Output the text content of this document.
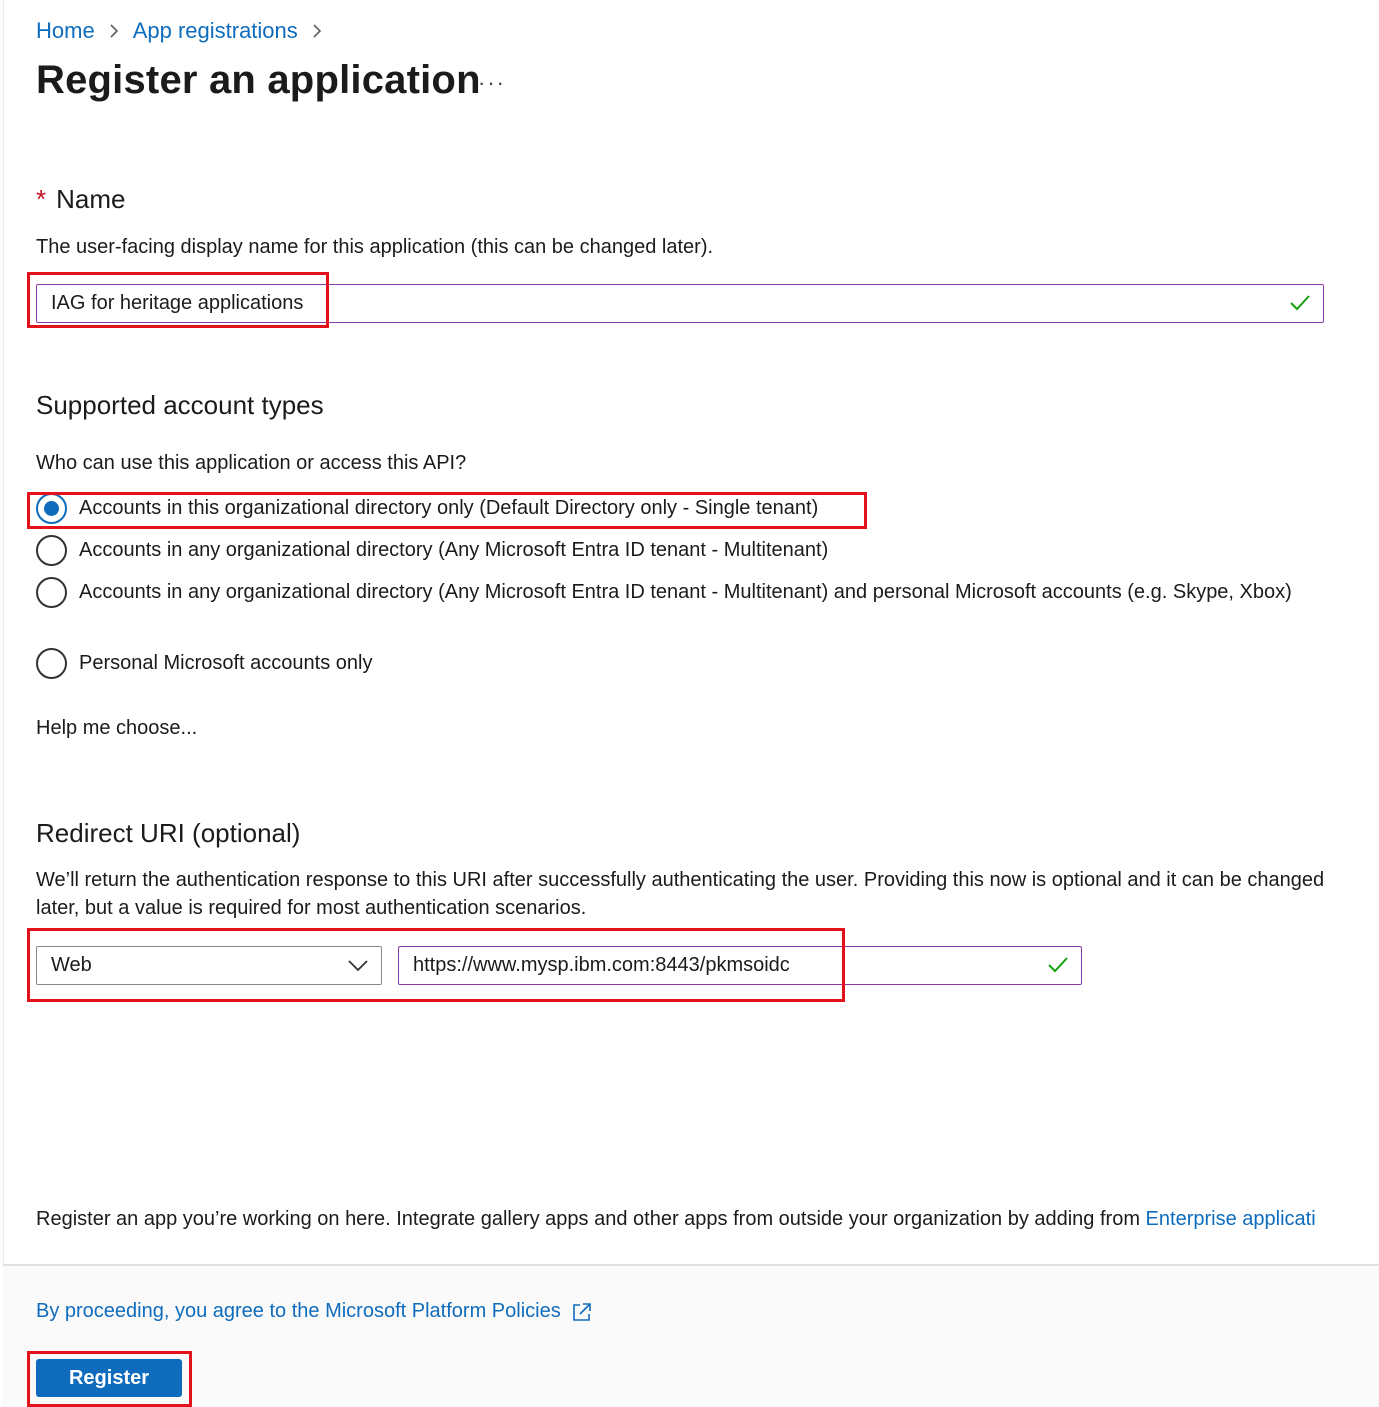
Home App registrations
Register an application
···
* Name

The user-facing display name for this application (this can be changed later).

IAG for heritage applications
Supported account types

Who can use this application or access this API?

Accounts in this organizational directory only (Default Directory only - Single tenant)
Accounts in any organizational directory (Any Microsoft Entra ID tenant - Multitenant)
Accounts in any organizational directory (Any Microsoft Entra ID tenant - Multitenant) and personal Microsoft accounts (e.g. Skype, Xbox)
Personal Microsoft accounts only
Help me choose...
Redirect URI (optional)

We’ll return the authentication response to this URI after successfully authenticating the user. Providing this now is optional and it can be changed later, but a value is required for most authentication scenarios.

Web	https://www.mysp.ibm.com:8443/pkmsoidc

Register an app you’re working on here. Integrate gallery apps and other apps from outside your organization by adding from Enterprise applicati

By proceeding, you agree to the Microsoft Platform Policies
Register
